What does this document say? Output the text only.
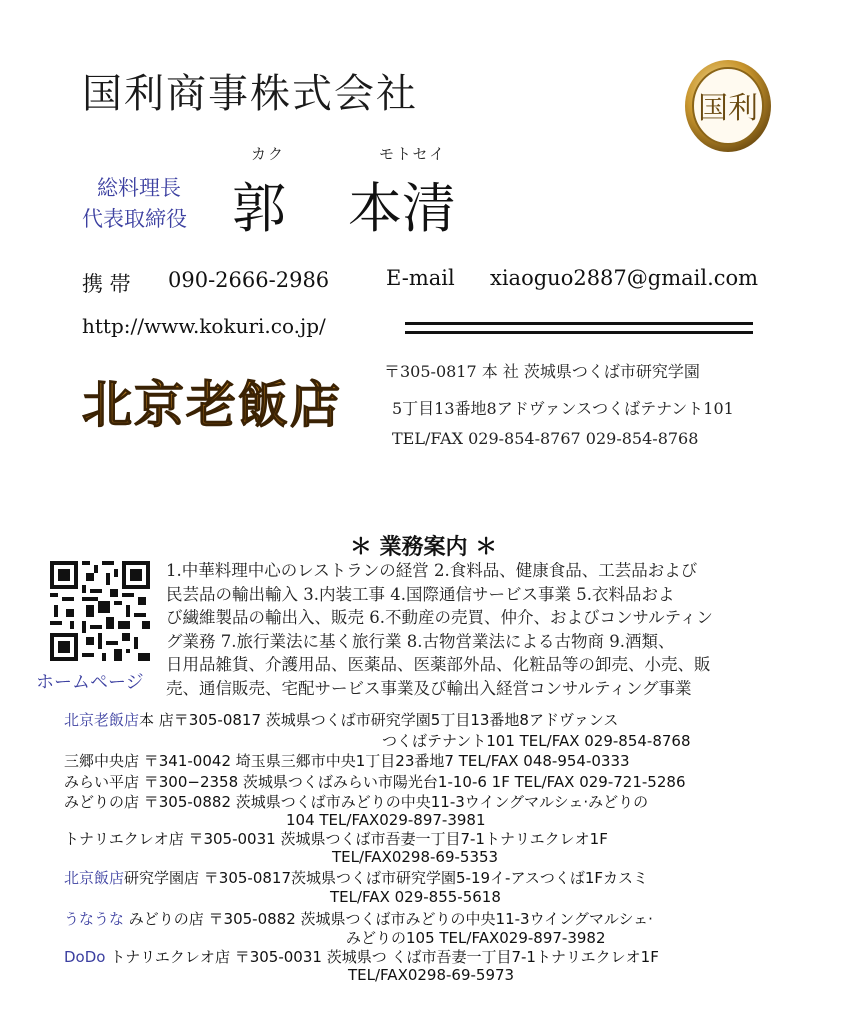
国利商事株式会社	国利
総料理長
代表取締役
カク	モトセイ
郭 本清
携 帯 090-2666-2986	E-mail xiaoguo2887@gmail.com
http://www.kokuri.co.jp/
北京老飯店
〒305-0817 本 社 茨城県つくば市研究学園
5丁目13番地8アドヴァンスつくばテナント101
TEL/FAX 029-854-8767 029-854-8768
＊ 業務案内 ＊
ホームページ

1.中華料理中心のレストランの経営 2.食料品、健康食品、工芸品および

民芸品の輸出輸入 3.内装工事 4.国際通信サービス事業 5.衣料品およ

び繊維製品の輸出入、販売 6.不動産の売買、仲介、およびコンサルティン

グ業務 7.旅行業法に基く旅行業 8.古物営業法による古物商 9.酒類、

日用品雑貨、介護用品、医薬品、医薬部外品、化粧品等の卸売、小売、販

売、通信販売、宅配サービス事業及び輸出入経営コンサルティング事業

北京老飯店本 店〒305-0817 茨城県つくば市研究学園5丁目13番地8アドヴァンス
つくばテナント101 TEL/FAX 029-854-8768
三郷中央店 〒341-0042 埼玉県三郷市中央1丁目23番地7 TEL/FAX 048-954-0333
みらい平店 〒300−2358 茨城県つくばみらい市陽光台1-10-6 1F TEL/FAX 029-721-5286
みどりの店 〒305-0882 茨城県つくば市みどりの中央11-3ウイングマルシェ·みどりの
104 TEL/FAX029-897-3981
トナリエクレオ店 〒305-0031 茨城県つくば市吾妻一丁目7-1トナリエクレオ1F
TEL/FAX0298-69-5353
北京飯店研究学園店 〒305-0817茨城県つくば市研究学園5-19イ-アスつくば1Fカスミ
TEL/FAX 029-855-5618
うなうな みどりの店 〒305-0882 茨城県つくば市みどりの中央11-3ウイングマルシェ·
みどりの105 TEL/FAX029-897-3982
DoDo トナリエクレオ店 〒305-0031 茨城県つ くば市吾妻一丁目7-1トナリエクレオ1F
TEL/FAX0298-69-5973
